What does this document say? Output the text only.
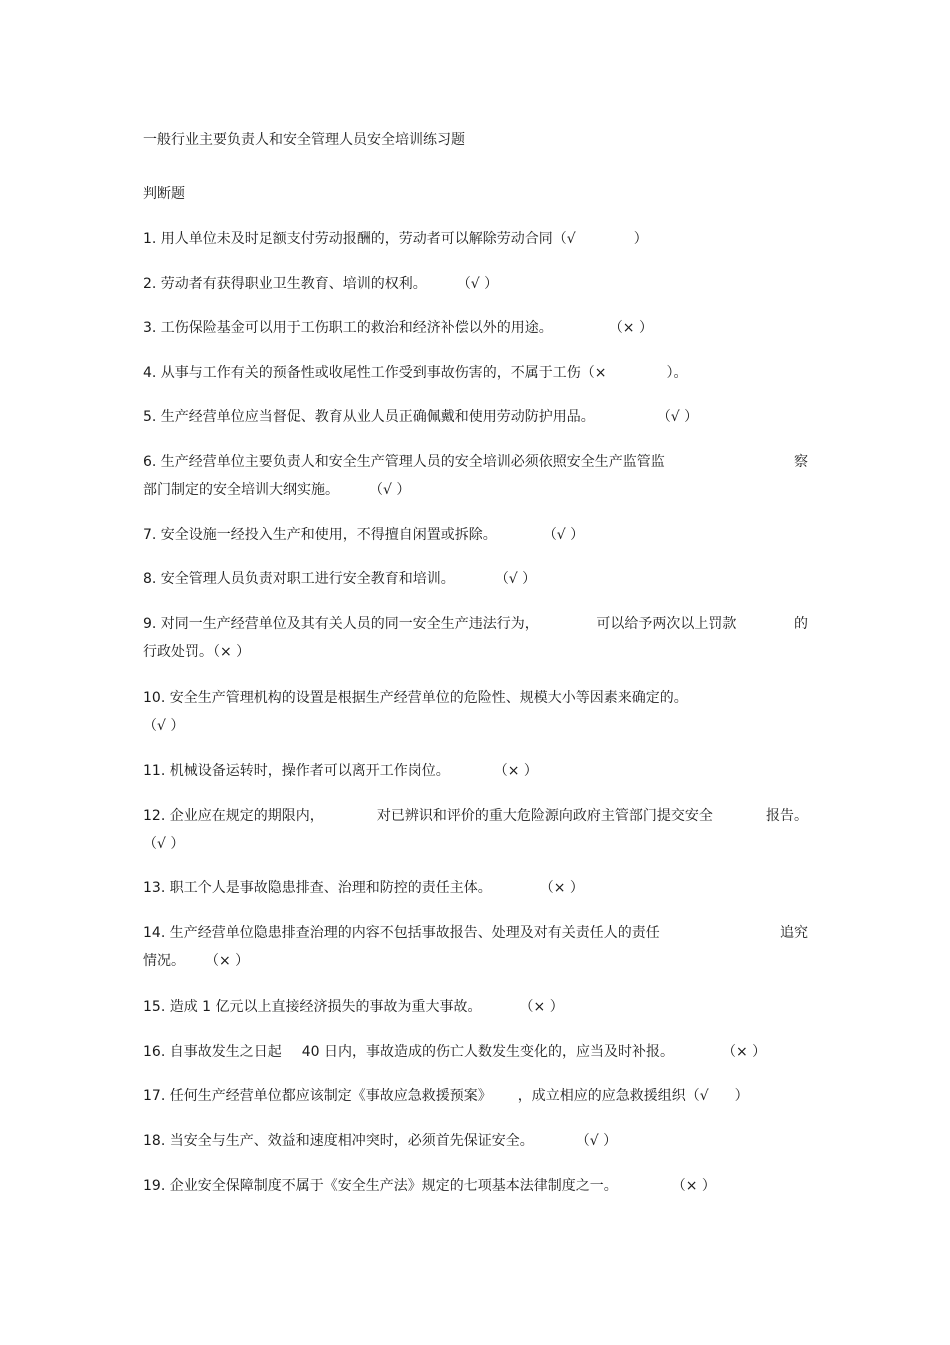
一般行业主要负责人和安全管理人员安全培训练习题
判断题
1. 用人单位未及时足额支付劳动报酬的，劳动者可以解除劳动合同（√	）
2. 劳动者有获得职业卫生教育、培训的权利。 （√ ）
3. 工伤保险基金可以用于工伤职工的救治和经济补偿以外的用途。	（× ）
4. 从事与工作有关的预备性或收尾性工作受到事故伤害的，不属于工伤（×	）。
5. 生产经营单位应当督促、教育从业人员正确佩戴和使用劳动防护用品。	（√ ）
6. 生产经营单位主要负责人和安全生产管理人员的安全培训必须依照安全生产监管监	察
部门制定的安全培训大纲实施。 （√ ）
7. 安全设施一经投入生产和使用，不得擅自闲置或拆除。	（√ ）
8. 安全管理人员负责对职工进行安全教育和培训。	（√ ）
9. 对同一生产经营单位及其有关人员的同一安全生产违法行为，	可以给予两次以上罚款	的
行政处罚。（× ）
10. 安全生产管理机构的设置是根据生产经营单位的危险性、规模大小等因素来确定的。
（√ ）
11. 机械设备运转时，操作者可以离开工作岗位。	（× ）
12. 企业应在规定的期限内，	对已辨识和评价的重大危险源向政府主管部门提交安全	报告。
（√ ）
13. 职工个人是事故隐患排查、治理和防控的责任主体。	（× ）
14. 生产经营单位隐患排查治理的内容不包括事故报告、处理及对有关责任人的责任	追究
情况。 （× ）
15. 造成 1 亿元以上直接经济损失的事故为重大事故。	（× ）
16. 自事故发生之日起 40 日内，事故造成的伤亡人数发生变化的，应当及时补报。	（× ）
17. 任何生产经营单位都应该制定《事故应急救援预案》 ，成立相应的应急救援组织（√ ）
18. 当安全与生产、效益和速度相冲突时，必须首先保证安全。	（√ ）
19. 企业安全保障制度不属于《安全生产法》规定的七项基本法律制度之一。	（× ）
